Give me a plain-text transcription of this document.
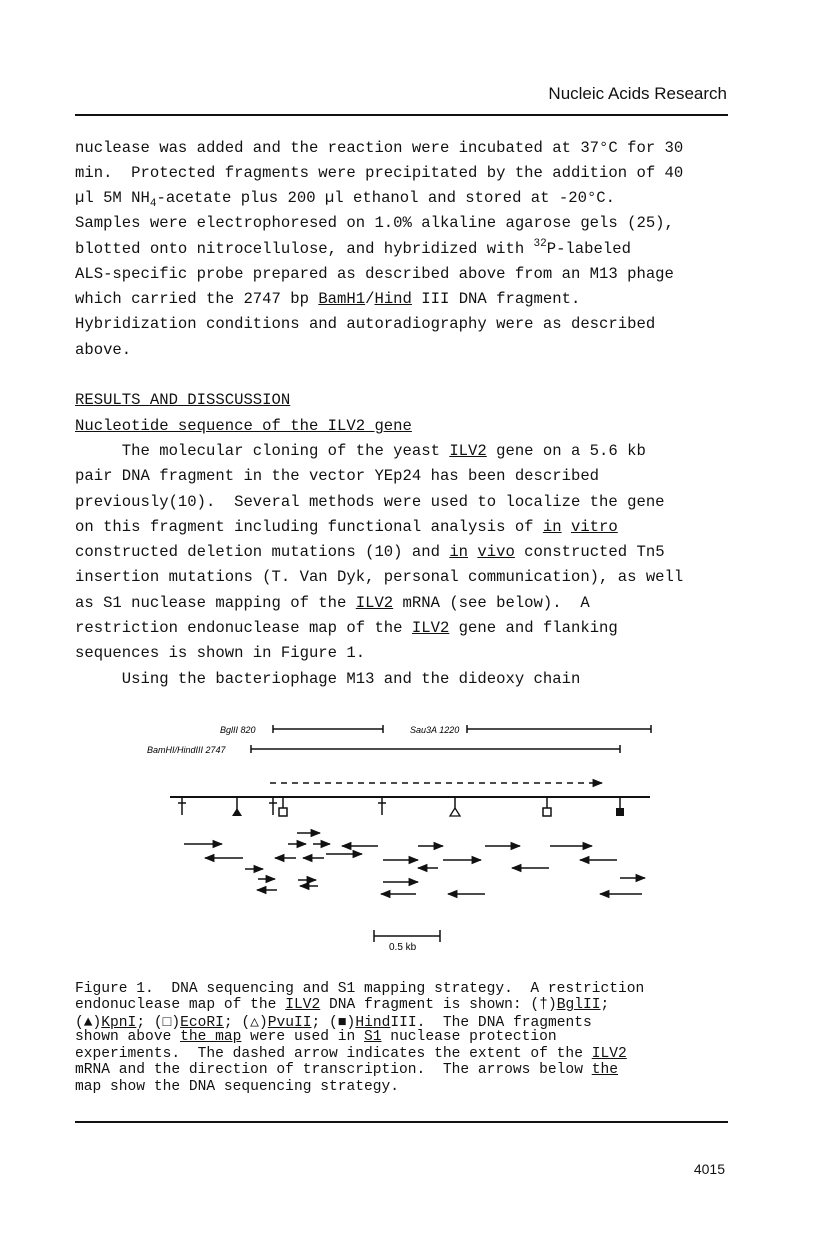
Nucleic Acids Research
nuclease was added and the reaction were incubated at 37°C for 30
min.  Protected fragments were precipitated by the addition of 40
µl 5M $NH_4$-acetate plus 200 µl ethanol and stored at -20°C.
Samples were electrophoresed on 1.0% alkaline agarose gels (25),
blotted onto nitrocellulose, and hybridized with $^{32}$P-labeled
ALS-specific probe prepared as described above from an M13 phage
which carried the 2747 bp BamH1/Hind III DNA fragment.
Hybridization conditions and autoradiography were as described
above.
RESULTS AND DISSCUSSION
Nucleotide sequence of the ILV2 gene
The molecular cloning of the yeast ILV2 gene on a 5.6 kb
pair DNA fragment in the vector YEp24 has been described
previously(10).  Several methods were used to localize the gene
on this fragment including functional analysis of in vitro
constructed deletion mutations (10) and in vivo constructed Tn5
insertion mutations (T. Van Dyk, personal communication), as well
as S1 nuclease mapping of the ILV2 mRNA (see below).  A
restriction endonuclease map of the ILV2 gene and flanking
sequences is shown in Figure 1.
Using the bacteriophage M13 and the dideoxy chain
BglII 820	Sau3A 1220
BamHI/HindIII 2747
0.5 kb
Figure 1.  DNA sequencing and S1 mapping strategy.  A restriction
endonuclease map of the ILV2 DNA fragment is shown: (†)BglII;
(▲)KpnI; (□)EcoRI; (△)PvuII; (■)HindIII.  The DNA fragments
shown above the map were used in S1 nuclease protection
experiments.  The dashed arrow indicates the extent of the ILV2
mRNA and the direction of transcription.  The arrows below the
map show the DNA sequencing strategy.
4015
